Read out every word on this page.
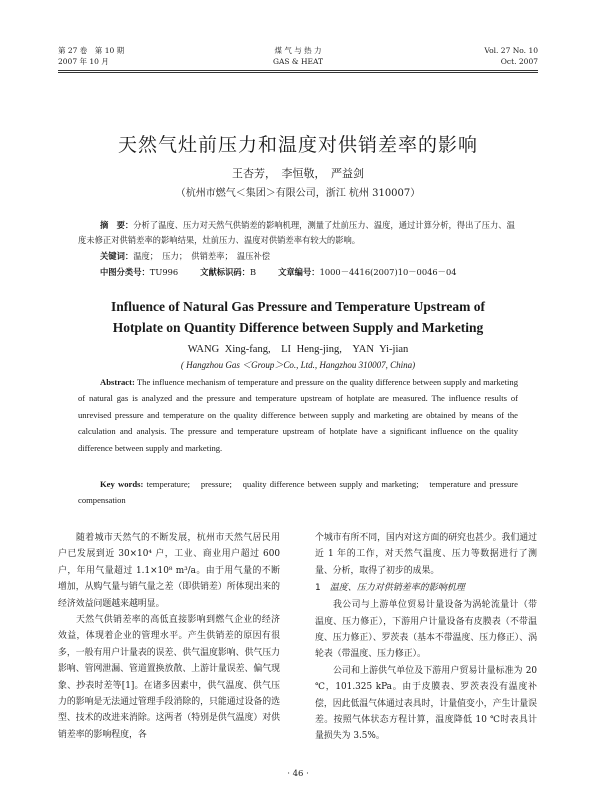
第 27 卷　第 10 期
2007 年 10 月
煤 气 与 热 力
GAS & HEAT
Vol. 27 No. 10
Oct. 2007
天然气灶前压力和温度对供销差率的影响
王杏芳，　李恒敬，　严益剑
（杭州市燃气＜集团＞有限公司，浙江 杭州 310007）
摘　要：分析了温度、压力对天然气供销差的影响机理，测量了灶前压力、温度，通过计算分析，得出了压力、温度未修正对供销差率的影响结果，灶前压力、温度对供销差率有较大的影响。
关键词：温度；　压力；　供销差率；　温压补偿
中图分类号：TU996	文献标识码：B	文章编号：1000－4416(2007)10－0046－04
Influence of Natural Gas Pressure and Temperature Upstream of
Hotplate on Quantity Difference between Supply and Marketing
WANG Xing-fang,　LI Heng-jing,　YAN Yi-jian
( Hangzhou Gas ＜Group＞Co., Ltd., Hangzhou 310007, China)
Abstract: The influence mechanism of temperature and pressure on the quality difference between supply and marketing of natural gas is analyzed and the pressure and temperature upstream of hotplate are measured. The influence results of unrevised pressure and temperature on the quality difference between supply and marketing are obtained by means of the calculation and analysis. The pressure and temperature upstream of hotplate have a significant influence on the quality difference between supply and marketing.
Key words: temperature;　pressure;　quality difference between supply and marketing;　temperature and pressure compensation

随着城市天然气的不断发展，杭州市天然气居民用户已发展到近 30×10⁴ 户，工业、商业用户超过 600 户，年用气量超过 1.1×10⁸ m³/a。由于用气量的不断增加，从购气量与销气量之差（即供销差）所体现出来的经济效益问题越来越明显。

天然气供销差率的高低直接影响到燃气企业的经济效益，体现着企业的管理水平。产生供销差的原因有很多，一般有用户计量表的误差、供气温度影响、供气压力影响、管网泄漏、管道置换放散、上游计量误差、偏气现象、抄表时差等[1]。在诸多因素中，供气温度、供气压力的影响是无法通过管理手段消除的，只能通过设备的选型、技术的改进来消除。这两者（特别是供气温度）对供销差率的影响程度，各

个城市有所不同，国内对这方面的研究也甚少。我们通过近 1 年的工作，对天然气温度、压力等数据进行了测量、分析，取得了初步的成果。

1　 温度、压力对供销差率的影响机理

我公司与上游单位贸易计量设备为涡轮流量计（带温度、压力修正），下游用户计量设备有皮膜表（不带温度、压力修正）、罗茨表（基本不带温度、压力修正）、涡轮表（带温度、压力修正）。

公司和上游供气单位及下游用户贸易计量标准为 20 ℃，101.325 kPa。由于皮膜表、罗茨表没有温度补偿，因此低温气体通过表具时，计量值变小，产生计量误差。按照气体状态方程计算，温度降低 10 ℃时表具计量损失为 3.5%。

· 46 ·
